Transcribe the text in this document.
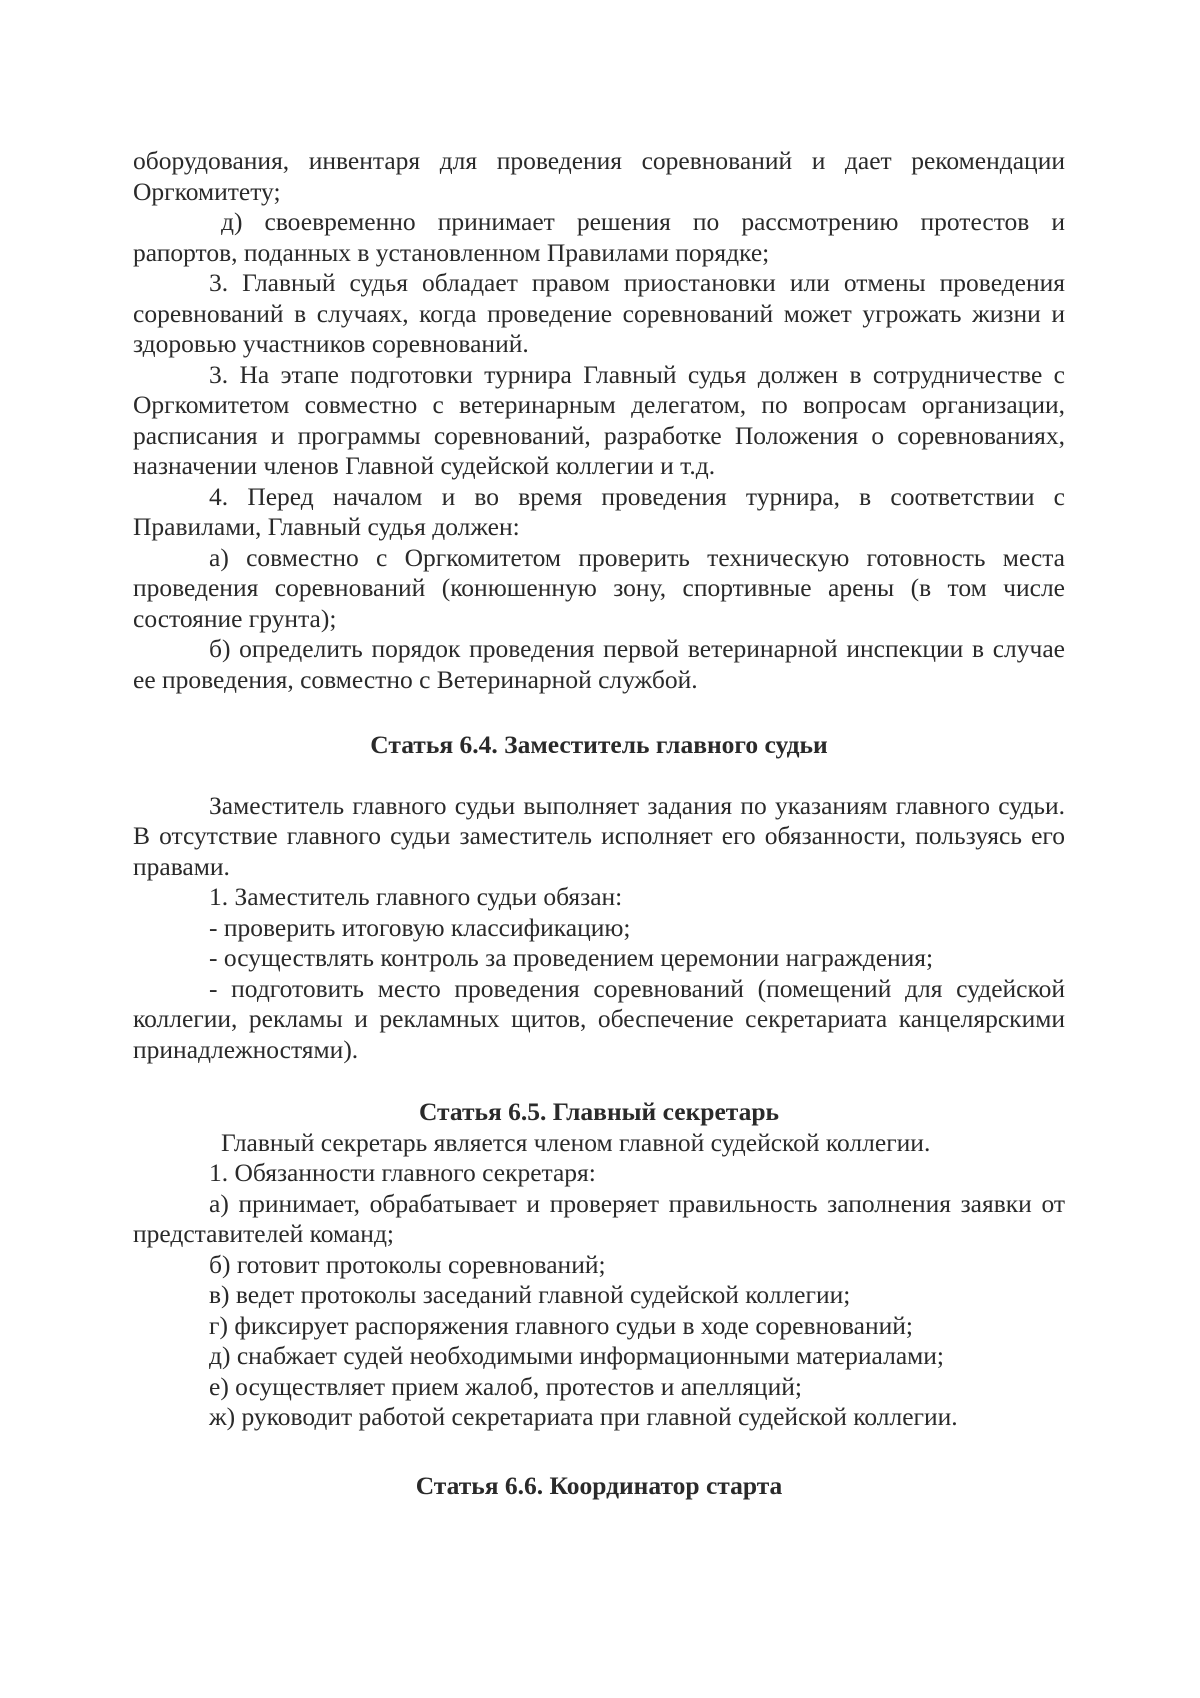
оборудования, инвентаря для проведения соревнований и дает рекомендации Оргкомитету;

д) своевременно принимает решения по рассмотрению протестов и рапортов, поданных в установленном Правилами порядке;

3. Главный судья обладает правом приостановки или отмены проведения соревнований в случаях, когда проведение соревнований может угрожать жизни и здоровью участников соревнований.

3. На этапе подготовки турнира Главный судья должен в сотрудничестве с Оргкомитетом совместно с ветеринарным делегатом, по вопросам организации, расписания и программы соревнований, разработке Положения о соревнованиях, назначении членов Главной судейской коллегии и т.д.

4. Перед началом и во время проведения турнира, в соответствии с Правилами, Главный судья должен:

а) совместно с Оргкомитетом проверить техническую готовность места проведения соревнований (конюшенную зону, спортивные арены (в том числе состояние грунта);

б) определить порядок проведения первой ветеринарной инспекции в случае ее проведения, совместно с Ветеринарной службой.

Статья 6.4. Заместитель главного судьи

Заместитель главного судьи выполняет задания по указаниям главного судьи. В отсутствие главного судьи заместитель исполняет его обязанности, пользуясь его правами.

1. Заместитель главного судьи обязан:

- проверить итоговую классификацию;

- осуществлять контроль за проведением церемонии награждения;

- подготовить место проведения соревнований (помещений для судейской коллегии, рекламы и рекламных щитов, обеспечение секретариата канцелярскими принадлежностями).

Статья 6.5. Главный секретарь

Главный секретарь является членом главной судейской коллегии.

1. Обязанности главного секретаря:

а) принимает, обрабатывает и проверяет правильность заполнения заявки от представителей команд;

б) готовит протоколы соревнований;

в) ведет протоколы заседаний главной судейской коллегии;

г) фиксирует распоряжения главного судьи в ходе соревнований;

д) снабжает судей необходимыми информационными материалами;

е) осуществляет прием жалоб, протестов и апелляций;

ж) руководит работой секретариата при главной судейской коллегии.

Статья 6.6. Координатор старта
